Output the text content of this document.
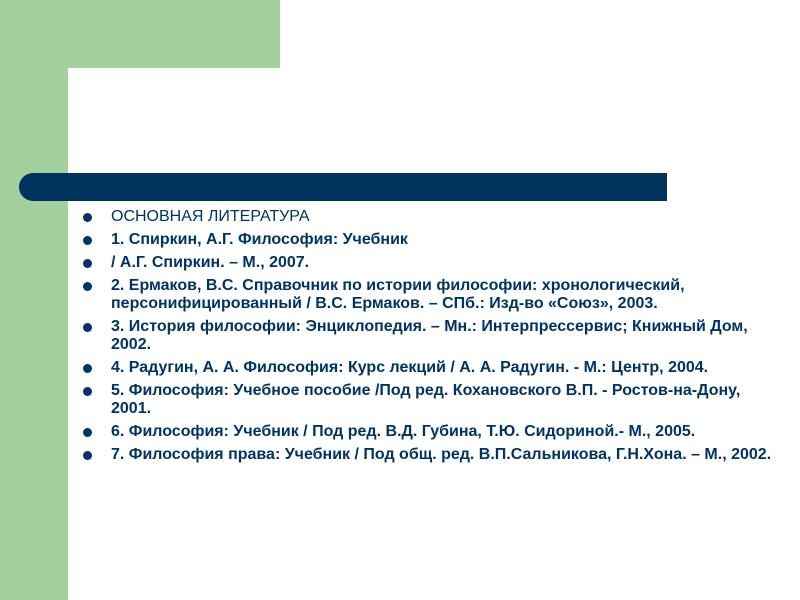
ОСНОВНАЯ ЛИТЕРАТУРА
1. Спиркин, А.Г. Философия: Учебник
/ А.Г. Спиркин. – М., 2007.
2. Ермаков, В.С. Справочник по истории философии: хронологический, персонифицированный / В.С. Ермаков. – СПб.: Изд-во «Союз», 2003.
3. История философии: Энциклопедия. – Мн.: Интерпрессервис; Книжный Дом, 2002.
4. Радугин, А. А. Философия: Курс лекций / А. А. Радугин. - М.: Центр, 2004.
5. Философия: Учебное пособие /Под ред. Кохановского В.П. - Ростов-на-Дону, 2001.
6. Философия: Учебник / Под ред. В.Д. Губина, Т.Ю. Сидориной.- М., 2005.
7. Философия права: Учебник / Под общ. ред. В.П.Сальникова, Г.Н.Хона. – М., 2002.
